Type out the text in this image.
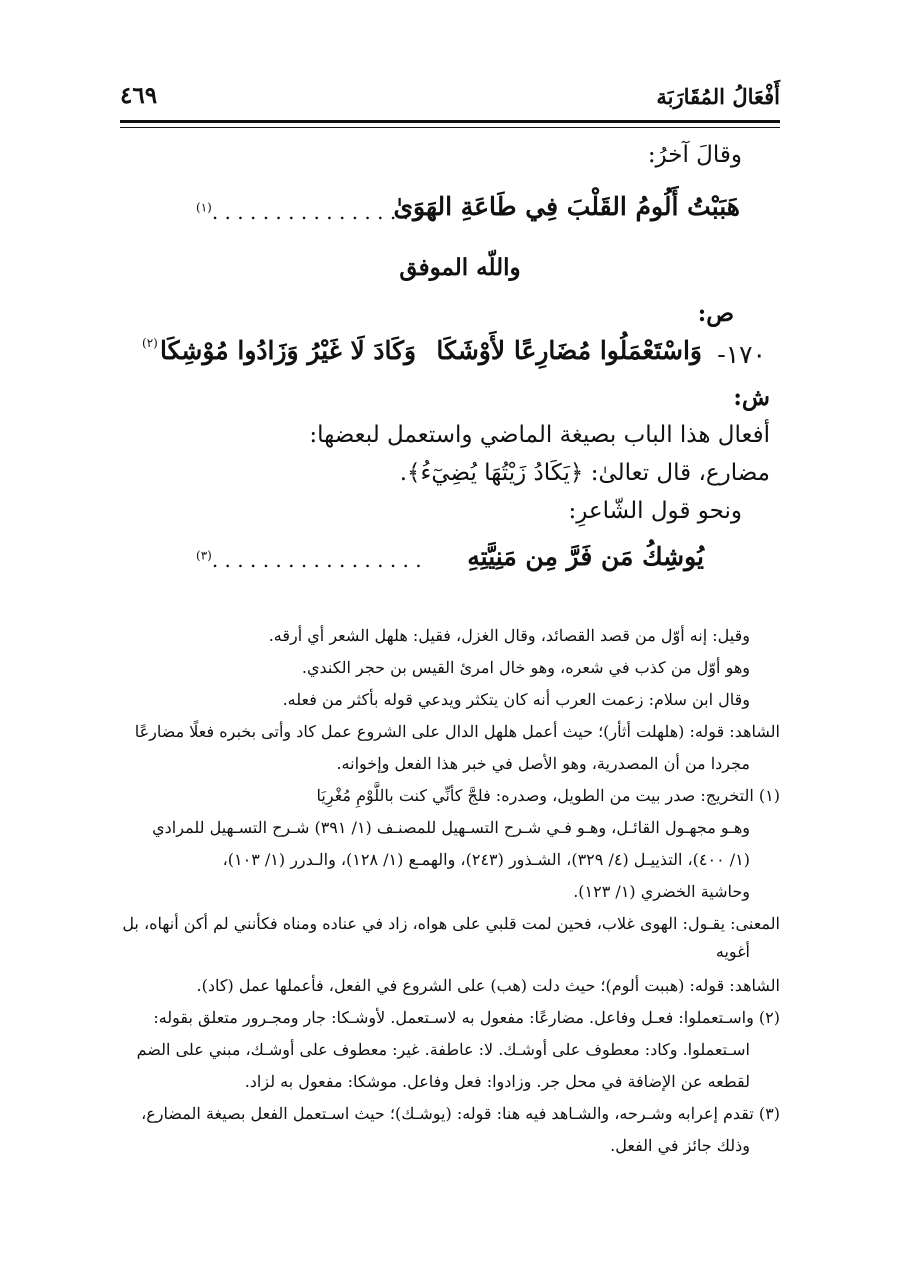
أَفْعَالُ المُقَارَبَة
٤٦٩
وقالَ آخرُ:
هَبَبْتُ أَلُومُ القَلْبَ فِي طَاعَةِ الهَوَىٰ
$^{(١)}$. . . . . . . . . . . . . . . . . .
واللّه الموفق
ص:
١٧٠-
وَاسْتَعْمَلُوا مُضَارِعًا لأَوْشَكَا
وَكَادَ لَا غَيْرُ وَزَادُوا مُوْشِكَا
(٢)
ش:
أفعال هذا الباب بصيغة الماضي واستعمل لبعضها:
مضارع، قال تعالىٰ: ﴿يَكَادُ زَيْتُهَا يُضِيٓءُ﴾.
ونحو قول الشّاعرِ:
يُوشِكُ مَن فَرَّ مِن مَنِيَّتِهِ
$^{(٣)}$. . . . . . . . . . . . . . . . .
وقيل: إنه أوّل من قصد القصائد، وقال الغزل، فقيل: هلهل الشعر أي أرقه.
وهو أوّل من كذب في شعره، وهو خال امرئ القيس بن حجر الكندي.
وقال ابن سلام: زعمت العرب أنه كان يتكثر ويدعي قوله بأكثر من فعله.
الشاهد: قوله: (هلهلت أثأر)؛ حيث أعمل هلهل الدال على الشروع عمل كاد وأتى بخبره فعلًا مضارعًا
مجردا من أن المصدرية، وهو الأصل في خبر هذا الفعل وإخوانه.
(١) التخريج: صدر بيت من الطويل، وصدره: فلجَّ كأنِّي كنت باللَّوْمِ مُغْرِيَا
وهـو مجهـول القائـل، وهـو فـي شـرح التسـهيل للمصنـف (١/ ٣٩١) شـرح التسـهيل للمرادي
(١/ ٤٠٠)، التذييـل (٤/ ٣٢٩)، الشـذور (٢٤٣)، والهمـع (١/ ١٢٨)، والـدرر (١/ ١٠٣)،
وحاشية الخضري (١/ ١٢٣).
المعنى: يقـول: الهوى غلاب، فحين لمت قلبي على هواه، زاد في عناده ومناه فكأنني لم أكن أنهاه، بل
أغويه
الشاهد: قوله: (هببت ألوم)؛ حيث دلت (هب) على الشروع في الفعل، فأعملها عمل (كاد).
(٢) واسـتعملوا: فعـل وفاعل. مضارعًا: مفعول به لاسـتعمل. لأوشـكا: جار ومجـرور متعلق بقوله:
اسـتعملوا. وكاد: معطوف على أوشـك. لا: عاطفة. غير: معطوف على أوشـك، مبني على الضم
لقطعه عن الإضافة في محل جر. وزادوا: فعل وفاعل. موشكا: مفعول به لزاد.
(٣) تقدم إعرابه وشـرحه، والشـاهد فيه هنا: قوله: (يوشـك)؛ حيث اسـتعمل الفعل بصيغة المضارع،
وذلك جائز في الفعل.
